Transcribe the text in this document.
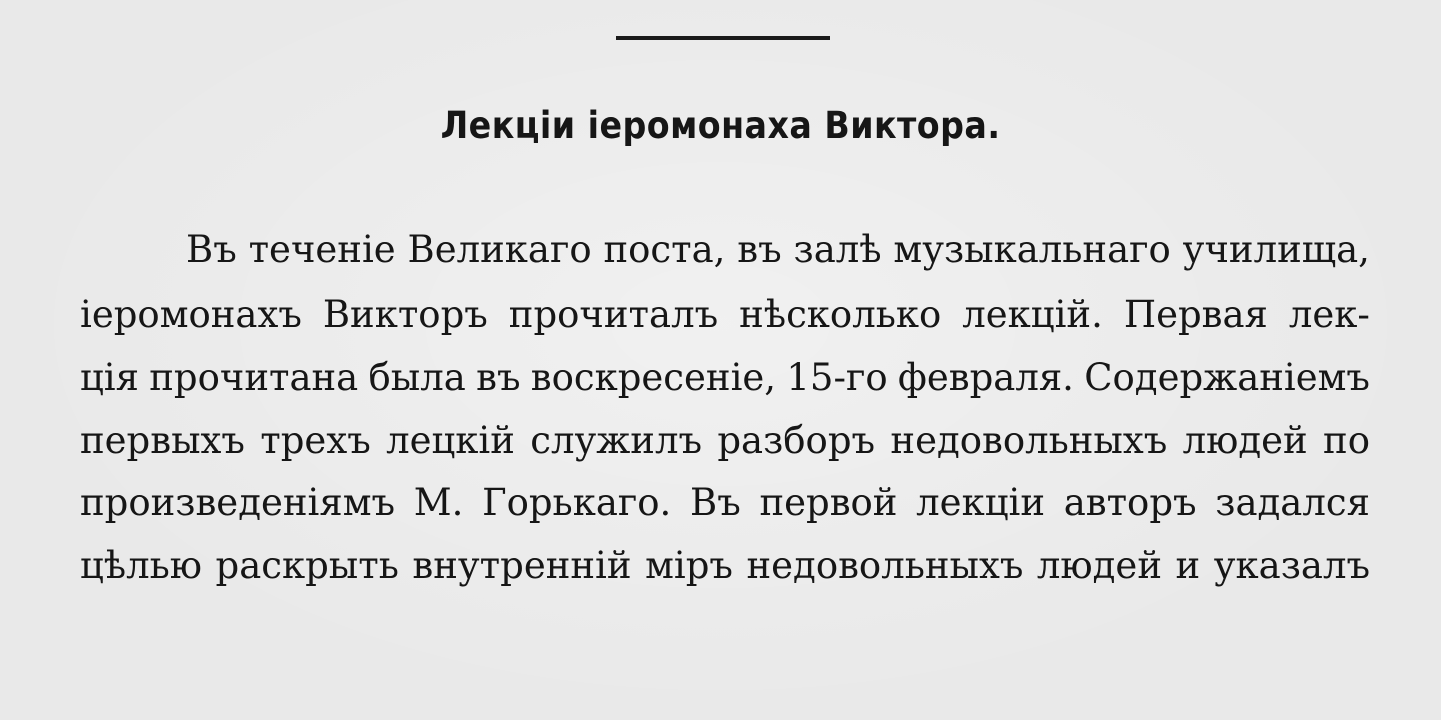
Лекціи іеромонаха Виктора.
Въ теченіе Великаго поста, въ залѣ музыкальнаго училища,
іеромонахъ Викторъ прочиталъ нѣсколько лекцій. Первая лек-
ція прочитана была въ воскресеніе, 15-го февраля. Содержаніемъ
первыхъ трехъ лецкій служилъ разборъ недовольныхъ людей по
произведеніямъ М. Горькаго. Въ первой лекціи авторъ задался
цѣлью раскрыть внутренній міръ недовольныхъ людей и указалъ
